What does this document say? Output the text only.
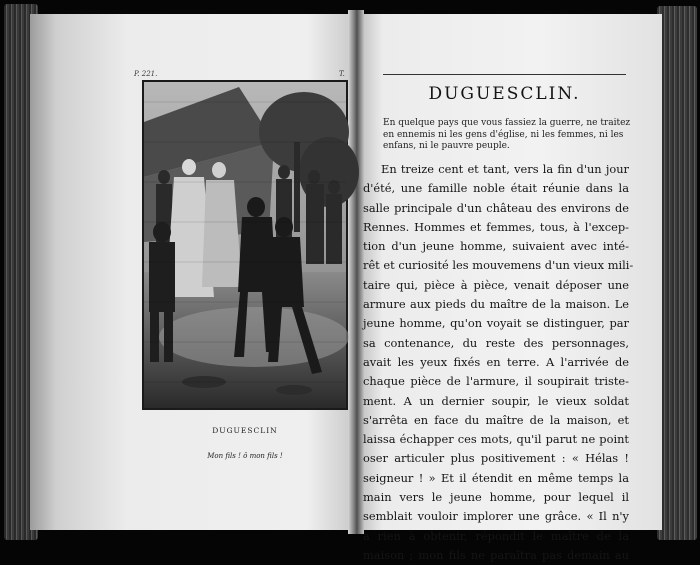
P. 221.	T.
DUGUESCLIN
Mon fils ! ô mon fils !
DUGUESCLIN.
En quelque pays que vous fassiez la guerre, ne traitez
en ennemis ni les gens d'église, ni les femmes, ni les
enfans, ni le pauvre peuple.
En treize cent et tant, vers la fin d'un jour
d'été, une famille noble était réunie dans la
salle principale d'un château des environs de
Rennes. Hommes et femmes, tous, à l'excep-
tion d'un jeune homme, suivaient avec inté-
rêt et curiosité les mouvemens d'un vieux mili-
taire qui, pièce à pièce, venait déposer une
armure aux pieds du maître de la maison. Le
jeune homme, qu'on voyait se distinguer, par
sa contenance, du reste des personnages,
avait les yeux fixés en terre. A l'arrivée de
chaque pièce de l'armure, il soupirait triste-
ment. A un dernier soupir, le vieux soldat
s'arrêta en face du maître de la maison, et
laissa échapper ces mots, qu'il parut ne point
oser articuler plus positivement : « Hélas !
seigneur ! » Et il étendit en même temps la
main vers le jeune homme, pour lequel il
semblait vouloir implorer une grâce. « Il n'y
a rien à obtenir, répondit le maître de la
maison ; mon fils ne paraîtra pas demain au
